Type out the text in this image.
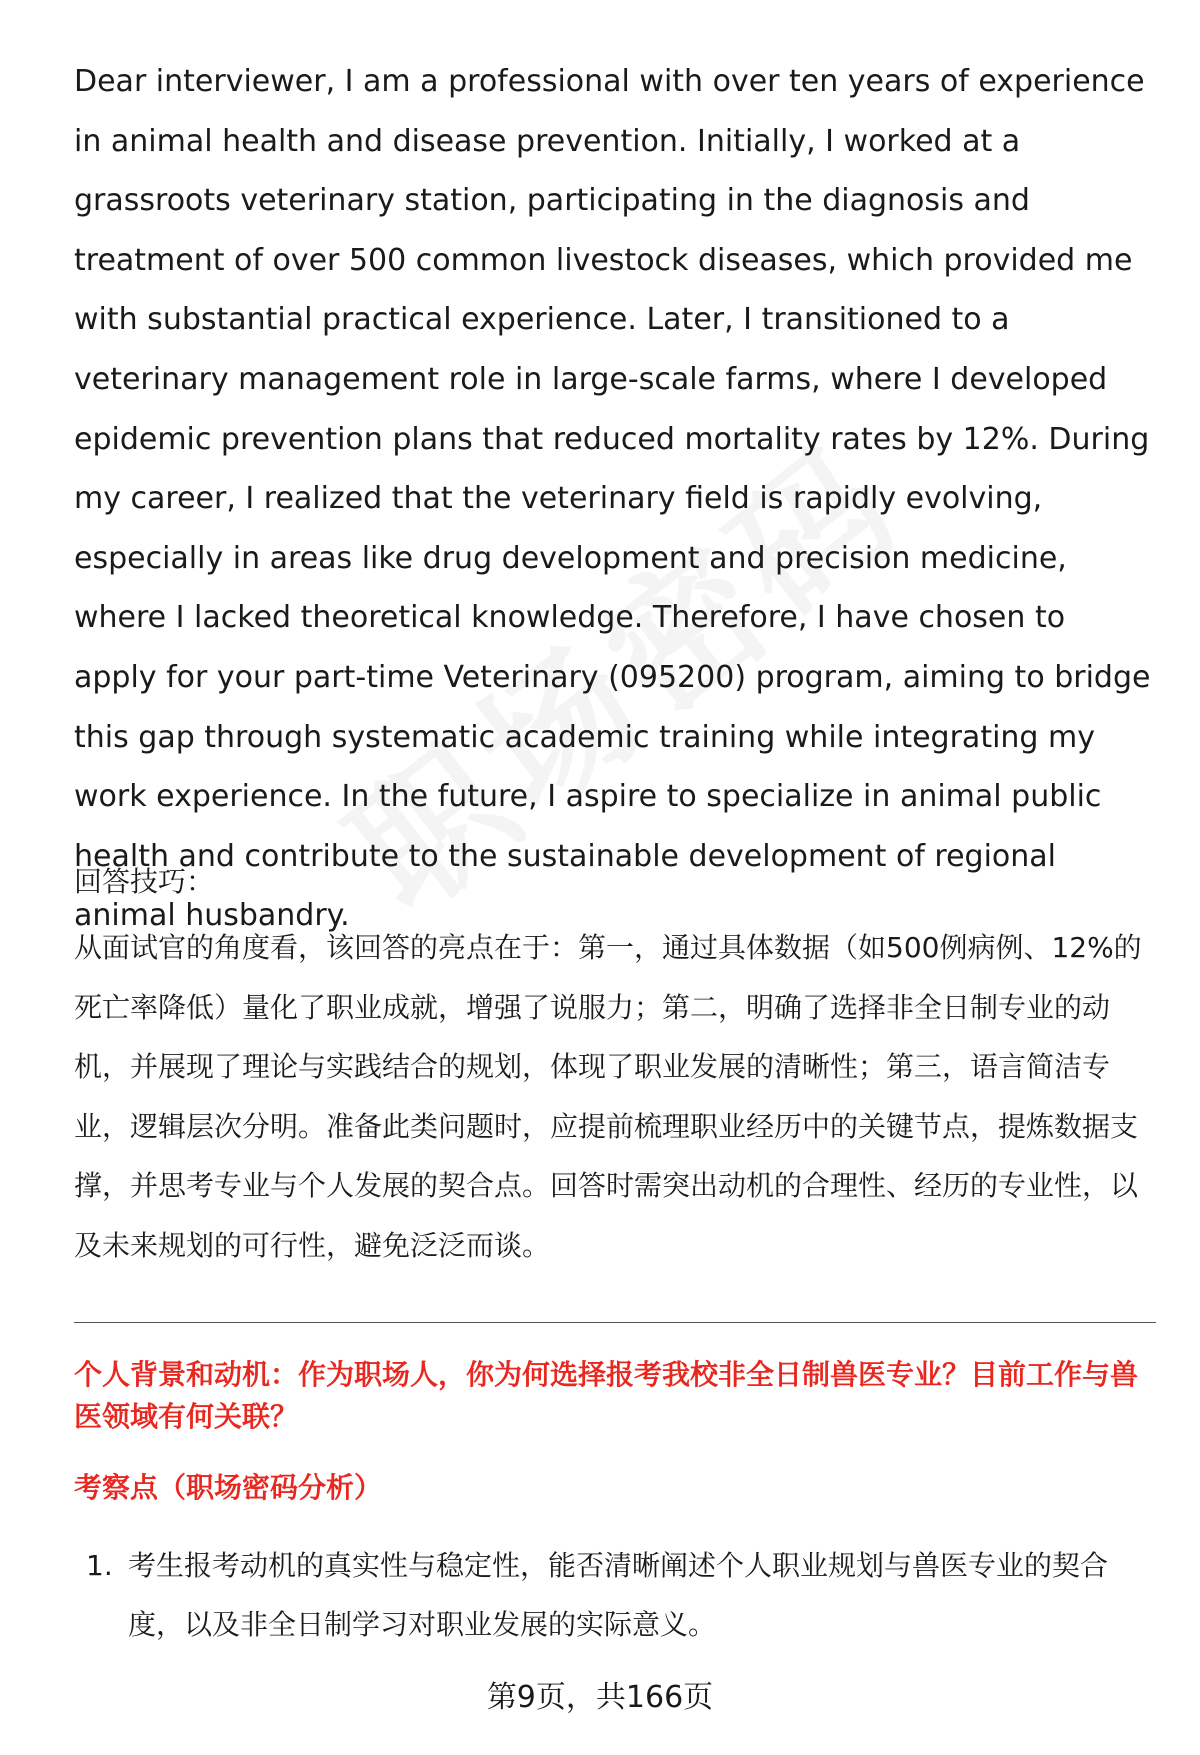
Dear interviewer, I am a professional with over ten years of experience in animal health and disease prevention. Initially, I worked at a grassroots veterinary station, participating in the diagnosis and treatment of over 500 common livestock diseases, which provided me with substantial practical experience. Later, I transitioned to a veterinary management role in large-scale farms, where I developed epidemic prevention plans that reduced mortality rates by 12%. During my career, I realized that the veterinary field is rapidly evolving, especially in areas like drug development and precision medicine, where I lacked theoretical knowledge. Therefore, I have chosen to apply for your part-time Veterinary (095200) program, aiming to bridge this gap through systematic academic training while integrating my work experience. In the future, I aspire to specialize in animal public health and contribute to the sustainable development of regional animal husbandry.

回答技巧：

从面试官的角度看，该回答的亮点在于：第一，通过具体数据（如500例病例、12%的死亡率降低）量化了职业成就，增强了说服力；第二，明确了选择非全日制专业的动机，并展现了理论与实践结合的规划，体现了职业发展的清晰性；第三，语言简洁专业，逻辑层次分明。准备此类问题时，应提前梳理职业经历中的关键节点，提炼数据支撑，并思考专业与个人发展的契合点。回答时需突出动机的合理性、经历的专业性，以及未来规划的可行性，避免泛泛而谈。

个人背景和动机：作为职场人，你为何选择报考我校非全日制兽医专业？目前工作与兽医领域有何关联？

考察点（职场密码分析）

1. 考生报考动机的真实性与稳定性，能否清晰阐述个人职业规划与兽医专业的契合度，以及非全日制学习对职业发展的实际意义。

第9页，共166页
